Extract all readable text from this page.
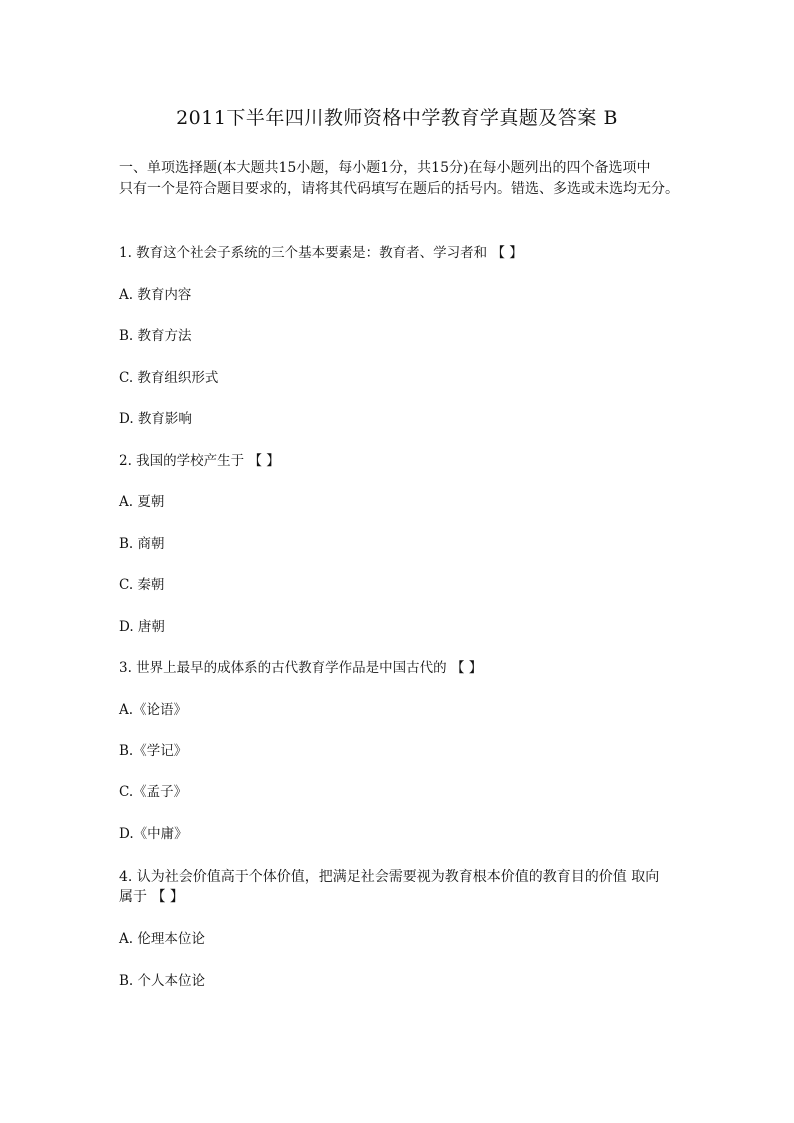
2011下半年四川教师资格中学教育学真题及答案 B
一、单项选择题(本大题共15小题，每小题1分，共15分)在每小题列出的四个备选项中
只有一个是符合题目要求的，请将其代码填写在题后的括号内。错选、多选或未选均无分。
1. 教育这个社会子系统的三个基本要素是：教育者、学习者和 【 】
A. 教育内容
B. 教育方法
C. 教育组织形式
D. 教育影响
2. 我国的学校产生于 【 】
A. 夏朝
B. 商朝
C. 秦朝
D. 唐朝
3. 世界上最早的成体系的古代教育学作品是中国古代的 【 】
A.《论语》
B.《学记》
C.《孟子》
D.《中庸》
4. 认为社会价值高于个体价值，把满足社会需要视为教育根本价值的教育目的价值 取向
属于 【 】
A. 伦理本位论
B. 个人本位论
